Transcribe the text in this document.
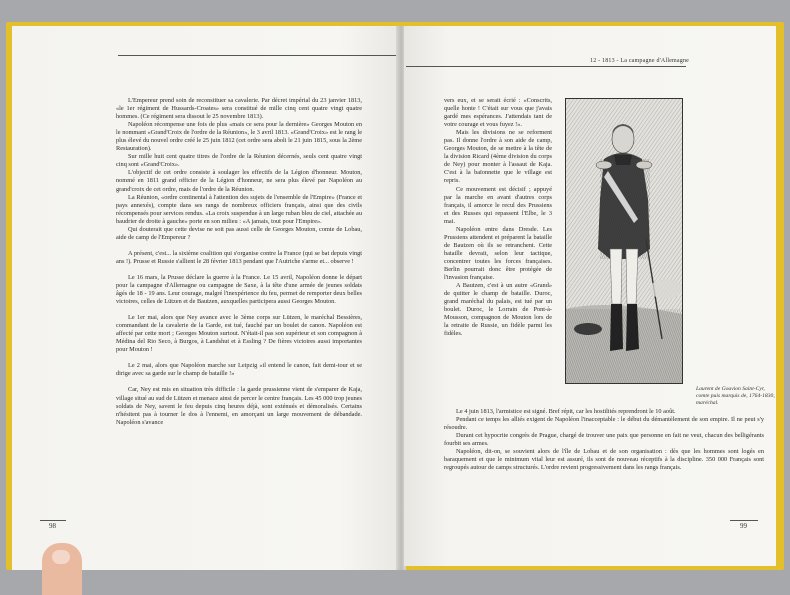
L'Empereur prend soin de reconstituer sa cavalerie. Par décret impérial du 23 janvier 1813, «le 1er régiment de Hussards-Croates» sera constitué de mille cinq cent quatre vingt quatre hommes. (Ce régiment sera dissout le 25 novembre 1813).

Napoléon récompense une fois de plus «mais ce sera pour la dernière» Georges Mouton en le nommant «Grand'Croix de l'ordre de la Réunion», le 3 avril 1813. «Grand'Croix» est le rang le plus élevé du nouvel ordre créé le 25 juin 1812 (cet ordre sera aboli le 21 juin 1815, sous la 2ème Restauration).

Sur mille huit cent quatre titres de l'ordre de la Réunion décernés, seuls cent quatre vingt cinq sont «Grand'Croix».

L'objectif de cet ordre consiste à soulager les effectifs de la Légion d'honneur. Mouton, nommé en 1811 grand officier de la Légion d'honneur, ne sera plus élevé par Napoléon au grand'croix de cet ordre, mais de l'ordre de la Réunion.

La Réunion, «ordre continental à l'attention des sujets de l'ensemble de l'Empire» (France et pays annexés), compte dans ses rangs de nombreux officiers français, ainsi que des civils récompensés pour services rendus. «La croix suspendue à un large ruban bleu de ciel, attachée au baudrier de droite à gauche» porte en son milieu : «A jamais, tout pour l'Empire».

Qui douterait que cette devise ne soit pas aussi celle de Georges Mouton, comte de Lobau, aide de camp de l'Empereur ?

A présent, c'est... la sixième coalition qui s'organise contre la France (qui se bat depuis vingt ans !). Prusse et Russie s'allient le 28 février 1813 pendant que l'Autriche s'arme et... observe !

Le 16 mars, la Prusse déclare la guerre à la France. Le 15 avril, Napoléon donne le départ pour la campagne d'Allemagne ou campagne de Saxe, à la tête d'une armée de jeunes soldats âgés de 18 - 19 ans. Leur courage, malgré l'inexpérience du feu, permet de remporter deux belles victoires, celles de Lützen et de Bautzen, auxquelles participera aussi Georges Mouton.

Le 1er mai, alors que Ney avance avec le 3ème corps sur Lützen, le maréchal Bessières, commandant de la cavalerie de la Garde, est tué, fauché par un boulet de canon. Napoléon est affecté par cette mort ; Georges Mouton surtout. N'était-il pas son supérieur et son compagnon à Médina del Rio Seco, à Burgos, à Landshut et à Essling ? De fières victoires aussi importantes pour Mouton !

Le 2 mai, alors que Napoléon marche sur Leipzig «il entend le canon, fait demi-tour et se dirige avec sa garde sur le champ de bataille !»

Car, Ney est mis en situation très difficile : la garde prussienne vient de s'emparer de Kaja, village situé au sud de Lützen et menace ainsi de percer le centre français. Les 45 000 trop jeunes soldats de Ney, savent le feu depuis cinq heures déjà, sont exténués et démoralisés. Certains n'hésitent pas à tourner le dos à l'ennemi, en amorçant un large mouvement de débandade. Napoléon s'avance

98
12 - 1813 - La campagne d'Allemagne

vers eux, et se serait écrié : «Conscrits, quelle honte ! C'était sur vous que j'avais gardé mes espérances. J'attendais tant de votre courage et vous fuyez !».

Mais les divisions ne se reforment pas. Il donne l'ordre à son aide de camp, Georges Mouton, de se mettre à la tête de la division Ricard (4ème division du corps de Ney) pour monter à l'assaut de Kaja. C'est à la baïonnette que le village est repris.

Ce mouvement est décisif ; appuyé par la marche en avant d'autres corps français, il amorce le recul des Prussiens et des Russes qui repassent l'Elbe, le 3 mai.

Napoléon entre dans Dresde. Les Prussiens attendent et préparent la bataille de Bautzen où ils se retranchent. Cette bataille devrait, selon leur tactique, concentrer toutes les forces françaises. Berlin pourrait donc être protégée de l'invasion française.

A Bautzen, c'est à un autre «Grand» de quitter le champ de bataille. Duroc, grand maréchal du palais, est tué par un boulet. Duroc, le Lorrain de Pont-à-Mousson, compagnon de Mouton lors de la retraite de Russie, un fidèle parmi les fidèles.

Laurent de Gouvion Saint-Cyr, comte puis marquis de, 1764-1830, maréchal.

Le 4 juin 1813, l'armistice est signé. Bref répit, car les hostilités reprendront le 10 août.

Pendant ce temps les alliés exigent de Napoléon l'inacceptable : le début du démantèlement de son empire. Il ne peut s'y résoudre.

Durant cet hypocrite congrès de Prague, chargé de trouver une paix que personne en fait ne veut, chacun des belligérants fourbit ses armes.

Napoléon, dit-on, se souvient alors de l'île de Lobau et de son organisation : dès que les hommes sont logés en baraquement et que le minimum vital leur est assuré, ils sont de nouveau réceptifs à la discipline. 350 000 Français sont regroupés autour de camps structurés. L'ordre revient progressivement dans les rangs français.

99
